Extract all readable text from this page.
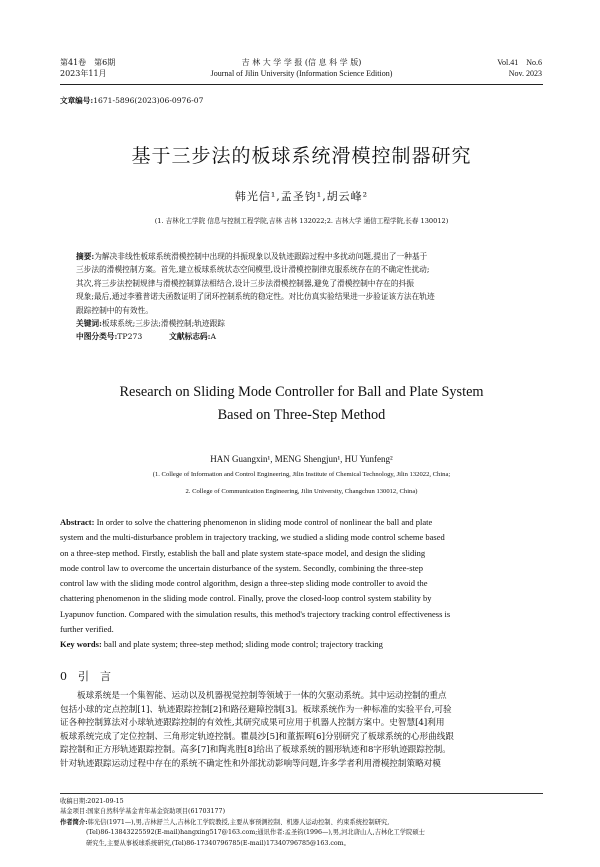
第41卷　第6期
2023年11月
吉 林 大 学 学 报 (信 息 科 学 版)
Journal of Jilin University (Information Science Edition)
Vol.41　No.6
Nov. 2023
文章编号:1671-5896(2023)06-0976-07
基于三步法的板球系统滑模控制器研究
韩光信¹,孟圣钧¹,胡云峰²
(1. 吉林化工学院 信息与控制工程学院,吉林 吉林 132022;2. 吉林大学 通信工程学院,长春 130012)
摘要:为解决非线性板球系统滑模控制中出现的抖振现象以及轨迹跟踪过程中多扰动问题,提出了一种基于
三步法的滑模控制方案。首先,建立板球系统状态空间模型,设计滑模控制律克服系统存在的不确定性扰动;
其次,将三步法控制规律与滑模控制算法相结合,设计三步法滑模控制器,避免了滑模控制中存在的抖振
现象;最后,通过李雅普诺夫函数证明了闭环控制系统的稳定性。对比仿真实验结果进一步验证该方法在轨迹
跟踪控制中的有效性。
关键词:板球系统;三步法;滑模控制;轨迹跟踪
中图分类号:TP273	文献标志码:A
Research on Sliding Mode Controller for Ball and Plate System
Based on Three-Step Method
HAN Guangxin¹, MENG Shengjun¹, HU Yunfeng²
(1. College of Information and Control Engineering, Jilin Institute of Chemical Technology, Jilin 132022, China;
2. College of Communication Engineering, Jilin University, Changchun 130012, China)
Abstract: In order to solve the chattering phenomenon in sliding mode control of nonlinear the ball and plate
system and the multi-disturbance problem in trajectory tracking, we studied a sliding mode control scheme based
on a three-step method. Firstly, establish the ball and plate system state-space model, and design the sliding
mode control law to overcome the uncertain disturbance of the system. Secondly, combining the three-step
control law with the sliding mode control algorithm, design a three-step sliding mode controller to avoid the
chattering phenomenon in the sliding mode control. Finally, prove the closed-loop control system stability by
Lyapunov function. Compared with the simulation results, this method's trajectory tracking control effectiveness is
further verified.
Key words: ball and plate system; three-step method; sliding mode control; trajectory tracking
0　引　言
板球系统是一个集智能、运动以及机器视觉控制等领域于一体的欠驱动系统。其中运动控制的重点
包括小球的定点控制[1]、轨迹跟踪控制[2]和路径避障控制[3]。板球系统作为一种标准的实验平台,可验
证各种控制算法对小球轨迹跟踪控制的有效性,其研究成果可应用于机器人控制方案中。史智慧[4]利用
板球系统完成了定位控制、三角形定轨迹控制。瞿晨沙[5]和董振晖[6]分别研究了板球系统的心形曲线跟
踪控制和正方形轨迹跟踪控制。高多[7]和陶兆胜[8]给出了板球系统的圆形轨迹和8字形轨迹跟踪控制。
针对轨迹跟踪运动过程中存在的系统不确定性和外部扰动影响等问题,许多学者利用滑模控制策略对模
收稿日期:2021-09-15
基金项目:国家自然科学基金青年基金资助项目(61703177)
作者简介:韩光信(1971—),男,吉林舒兰人,吉林化工学院教授,主要从事预测控制、机器人运动控制、约束系统控制研究,
(Tel)86-13843225592(E-mail)hangxing517@163.com;通讯作者:孟圣钧(1996—),男,河北唐山人,吉林化工学院硕士
研究生,主要从事板球系统研究,(Tel)86-17340796785(E-mail)17340796785@163.com。
